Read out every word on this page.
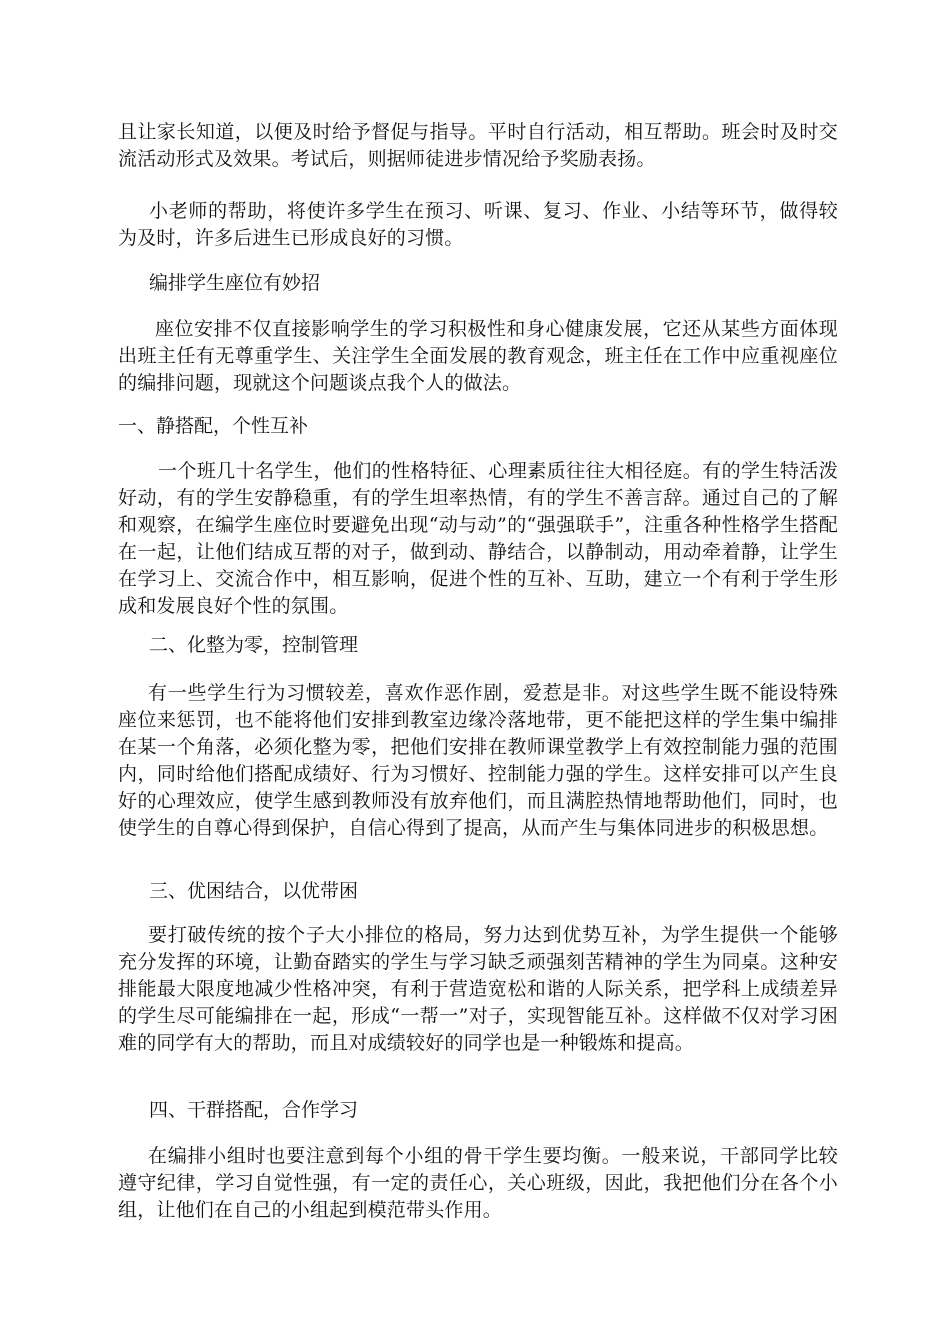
且让家长知道，以便及时给予督促与指导。平时自行活动，相互帮助。班会时及时交流活动形式及效果。考试后，则据师徒进步情况给予奖励表扬。

小老师的帮助，将使许多学生在预习、听课、复习、作业、小结等环节，做得较为及时，许多后进生已形成良好的习惯。

编排学生座位有妙招

座位安排不仅直接影响学生的学习积极性和身心健康发展，它还从某些方面体现出班主任有无尊重学生、关注学生全面发展的教育观念，班主任在工作中应重视座位的编排问题，现就这个问题谈点我个人的做法。

一、静搭配，个性互补

一个班几十名学生，他们的性格特征、心理素质往往大相径庭。有的学生特活泼好动，有的学生安静稳重，有的学生坦率热情，有的学生不善言辞。通过自己的了解和观察，在编学生座位时要避免出现“动与动”的“强强联手”，注重各种性格学生搭配在一起，让他们结成互帮的对子，做到动、静结合，以静制动，用动牵着静，让学生在学习上、交流合作中，相互影响，促进个性的互补、互助，建立一个有利于学生形成和发展良好个性的氛围。

二、化整为零，控制管理

有一些学生行为习惯较差，喜欢作恶作剧，爱惹是非。对这些学生既不能设特殊座位来惩罚，也不能将他们安排到教室边缘冷落地带，更不能把这样的学生集中编排在某一个角落，必须化整为零，把他们安排在教师课堂教学上有效控制能力强的范围内，同时给他们搭配成绩好、行为习惯好、控制能力强的学生。这样安排可以产生良好的心理效应，使学生感到教师没有放弃他们，而且满腔热情地帮助他们，同时，也使学生的自尊心得到保护，自信心得到了提高，从而产生与集体同进步的积极思想。

三、优困结合，以优带困

要打破传统的按个子大小排位的格局，努力达到优势互补，为学生提供一个能够充分发挥的环境，让勤奋踏实的学生与学习缺乏顽强刻苦精神的学生为同桌。这种安排能最大限度地减少性格冲突，有利于营造宽松和谐的人际关系，把学科上成绩差异的学生尽可能编排在一起，形成“一帮一”对子，实现智能互补。这样做不仅对学习困难的同学有大的帮助，而且对成绩较好的同学也是一种锻炼和提高。

四、干群搭配，合作学习

在编排小组时也要注意到每个小组的骨干学生要均衡。一般来说，干部同学比较遵守纪律，学习自觉性强，有一定的责任心，关心班级，因此，我把他们分在各个小组，让他们在自己的小组起到模范带头作用。
